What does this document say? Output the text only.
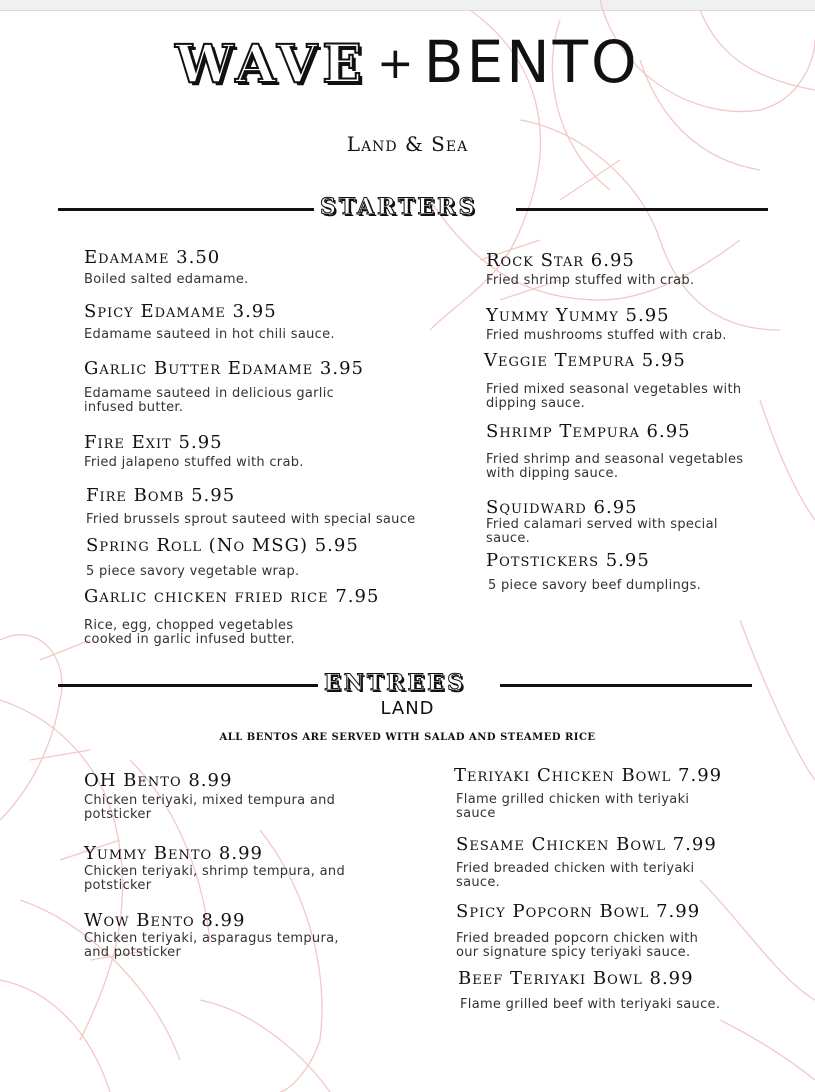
WAVE + BENTO
Land & Sea
STARTERS
Edamame 3.50
Boiled salted edamame.
Spicy Edamame 3.95
Edamame sauteed in hot chili sauce.
Garlic Butter Edamame 3.95
Edamame sauteed in delicious garlic
infused butter.
Fire Exit 5.95
Fried jalapeno stuffed with crab.
Fire Bomb 5.95
Fried brussels sprout sauteed with special sauce
Spring Roll (No MSG) 5.95
5 piece savory vegetable wrap.
Garlic chicken fried rice 7.95
Rice, egg, chopped vegetables
cooked in garlic infused butter.
Rock Star 6.95
Fried shrimp stuffed with crab.
Yummy Yummy 5.95
Fried mushrooms stuffed with crab.
Veggie Tempura 5.95
Fried mixed seasonal vegetables with
dipping sauce.
Shrimp Tempura 6.95
Fried shrimp and seasonal vegetables
with dipping sauce.
Squidward 6.95
Fried calamari served with special
sauce.
Potstickers 5.95
5 piece savory beef dumplings.
ENTREES
LAND
ALL BENTOS ARE SERVED WITH SALAD AND STEAMED RICE
OH Bento 8.99
Chicken teriyaki, mixed tempura and
potsticker
Yummy Bento 8.99
Chicken teriyaki, shrimp tempura, and
potsticker
Wow Bento 8.99
Chicken teriyaki, asparagus tempura,
and potsticker
Teriyaki Chicken Bowl 7.99
Flame grilled chicken with teriyaki
sauce
Sesame Chicken Bowl 7.99
Fried breaded chicken with teriyaki
sauce.
Spicy Popcorn Bowl 7.99
Fried breaded popcorn chicken with
our signature spicy teriyaki sauce.
Beef Teriyaki Bowl 8.99
Flame grilled beef with teriyaki sauce.
